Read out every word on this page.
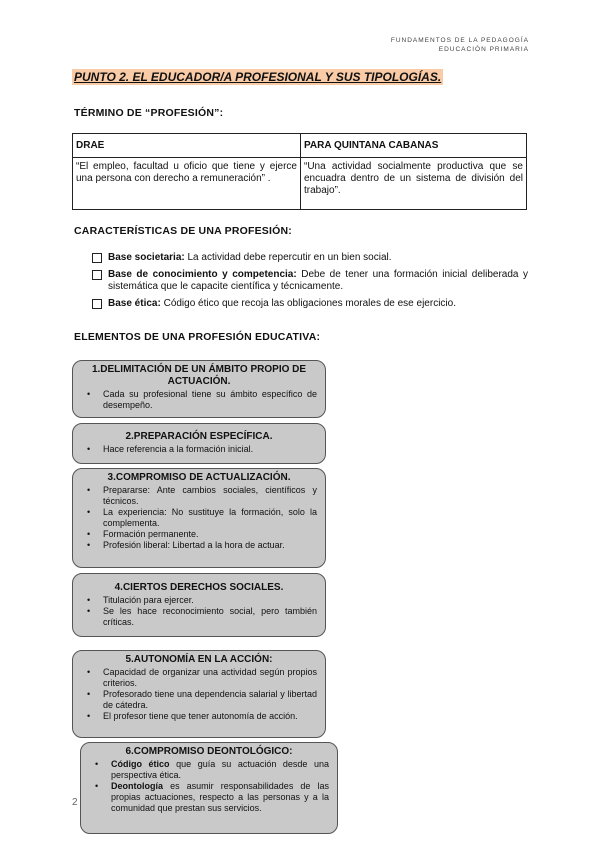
FUNDAMENTOS DE LA PEDAGOGÍA
EDUCACIÓN PRIMARIA
PUNTO 2. EL EDUCADOR/A PROFESIONAL Y SUS TIPOLOGÍAS.
TÉRMINO DE “PROFESIÓN”:
DRAE	PARA QUINTANA CABANAS
“El empleo, facultad u oficio que tiene y ejerce una persona con derecho a remuneración” .	“Una actividad socialmente productiva que se encuadra dentro de un sistema de división del trabajo”.
CARACTERÍSTICAS DE UNA PROFESIÓN:
Base societaria: La actividad debe repercutir en un bien social.
Base de conocimiento y competencia: Debe de tener una formación inicial deliberada y sistemática que le capacite científica y técnicamente.
Base ética: Código ético que recoja las obligaciones morales de ese ejercicio.
ELEMENTOS DE UNA PROFESIÓN EDUCATIVA:
1.DELIMITACIÓN DE UN ÁMBITO PROPIO DE ACTUACIÓN.
• Cada su profesional tiene su ámbito específico de desempeño.
2.PREPARACIÓN ESPECÍFICA.
• Hace referencia a la formación inicial.
3.COMPROMISO DE ACTUALIZACIÓN.
• Prepararse: Ante cambios sociales, científicos y técnicos.
• La experiencia: No sustituye la formación, solo la complementa.
• Formación permanente.
• Profesión liberal: Libertad a la hora de actuar.
4.CIERTOS DERECHOS SOCIALES.
• Titulación para ejercer.
• Se les hace reconocimiento social, pero también críticas.
5.AUTONOMÍA EN LA ACCIÓN:
• Capacidad de organizar una actividad según propios criterios.
• Profesorado tiene una dependencia salarial y libertad de cátedra.
• El profesor tiene que tener autonomía de acción.
2
6.COMPROMISO DEONTOLÓGICO:
• Código ético que guía su actuación desde una perspectiva ética.
• Deontología es asumir responsabilidades de las propias actuaciones, respecto a las personas y a la comunidad que prestan sus servicios.
